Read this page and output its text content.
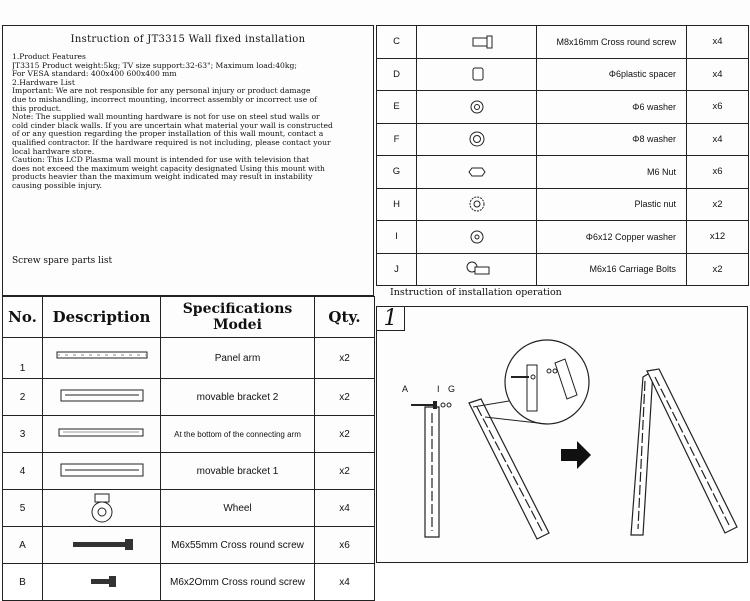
Instruction of JT3315 Wall fixed installation
1.Product Features
JT3315 Product weight:5kg; TV size support:32-63"; Maximum load:40kg;
For VESA standard: 400x400 600x400 mm
2.Hardware List
Important: We are not responsible for any personal injury or product damage
due to mishandling, incorrect mounting, incorrect assembly or incorrect use of
this product.
Note: The supplied wall mounting hardware is not for use on steel stud walls or
cold cinder black walls. If you are uncertain what material your wall is constructed
of or any question regarding the proper installation of this wall mount, contact a
qualified contractor. If the hardware required is not including, please contact your
local hardware store.
Caution: This LCD Plasma wall mount is intended for use with television that
does not exceed the maximum weight capacity designated Using this mount with
products heavier than the maximum weight indicated may result in instability
causing possible injury.
Screw spare parts list
No.	Description	Specifications Modei	Qty.
1		Panel arm	x2
2		movable bracket 2	x2
3		At the bottom of the connecting arm	x2
4		movable bracket 1	x2
5		Wheel	x4
A		M6x55mm Cross round screw	x6
B		M6x2Omm Cross round screw	x4
C		M8x16mm Cross round screw	x4
D		Φ6plastic spacer	x4
E		Φ6 washer	x6
F		Φ8 washer	x4
G		M6 Nut	x6
H		Plastic nut	x2
I		Φ6x12 Copper washer	x12
J		M6x16 Carriage Bolts	x2
Instruction of installation operation
1
A	I G
